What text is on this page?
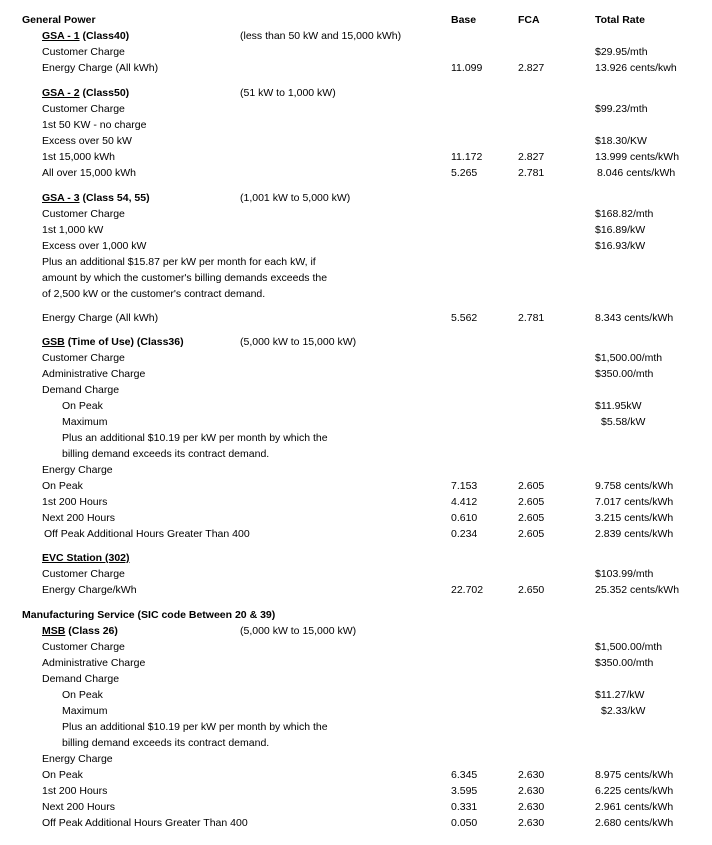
General Power	Base	FCA	Total Rate
GSA - 1 (Class40)	(less than 50 kW and 15,000 kWh)
Customer Charge	$29.95/mth
Energy Charge (All kWh)	11.099	2.827	13.926 cents/kwh
GSA - 2 (Class50)	(51 kW to 1,000 kW)
Customer Charge	$99.23/mth
1st 50 KW - no charge
Excess over 50 kW	$18.30/KW
1st 15,000 kWh	11.172	2.827	13.999 cents/kWh
All over 15,000 kWh	5.265	2.781	8.046 cents/kWh
GSA - 3 (Class 54, 55)	(1,001 kW to 5,000 kW)
Customer Charge	$168.82/mth
1st 1,000 kW	$16.89/kW
Excess over 1,000 kW	$16.93/kW
Plus an additional $15.87 per kW per month for each kW, if
amount by which the customer's billing demands exceeds the
of 2,500 kW or the customer's contract demand.
Energy Charge (All kWh)	5.562	2.781	8.343 cents/kWh
GSB (Time of Use) (Class36)	(5,000 kW to 15,000 kW)
Customer Charge	$1,500.00/mth
Administrative Charge	$350.00/mth
Demand Charge
On Peak	$11.95kW
Maximum	$5.58/kW
Plus an additional $10.19 per kW per month by which the
billing demand exceeds its contract demand.
Energy Charge
On Peak	7.153	2.605	9.758 cents/kWh
1st 200 Hours	4.412	2.605	7.017 cents/kWh
Next 200 Hours	0.610	2.605	3.215 cents/kWh
Off Peak Additional Hours Greater Than 400	0.234	2.605	2.839 cents/kWh
EVC Station (302)
Customer Charge	$103.99/mth
Energy Charge/kWh	22.702	2.650	25.352 cents/kWh
Manufacturing Service (SIC code Between 20 & 39)
MSB (Class 26)	(5,000 kW to 15,000 kW)
Customer Charge	$1,500.00/mth
Administrative Charge	$350.00/mth
Demand Charge
On Peak	$11.27/kW
Maximum	$2.33/kW
Plus an additional $10.19 per kW per month by which the
billing demand exceeds its contract demand.
Energy Charge
On Peak	6.345	2.630	8.975 cents/kWh
1st 200 Hours	3.595	2.630	6.225 cents/kWh
Next 200 Hours	0.331	2.630	2.961 cents/kWh
Off Peak Additional Hours Greater Than 400	0.050	2.630	2.680 cents/kWh
